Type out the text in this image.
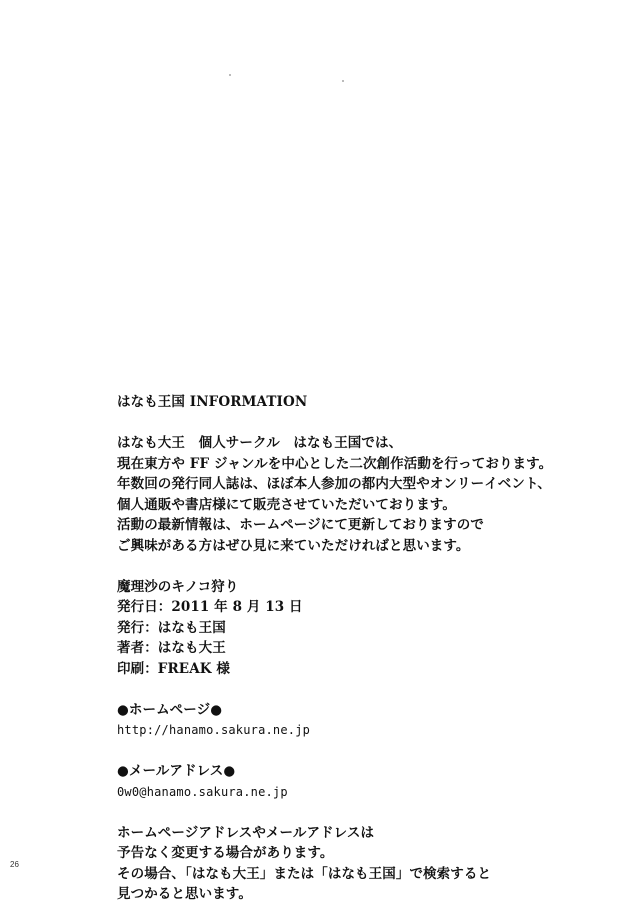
はなも王国 INFORMATION
はなも大王　個人サークル　はなも王国では、
現在東方や FF ジャンルを中心とした二次創作活動を行っております。
年数回の発行同人誌は、ほぼ本人参加の都内大型やオンリーイベント、
個人通販や書店様にて販売させていただいております。
活動の最新情報は、ホームページにて更新しておりますので
ご興味がある方はぜひ見に来ていただければと思います。
魔理沙のキノコ狩り
発行日：2011 年 8 月 13 日
発行：はなも王国
著者：はなも大王
印刷：FREAK 様
●ホームページ●
http://hanamo.sakura.ne.jp
●メールアドレス●
0w0@hanamo.sakura.ne.jp
ホームページアドレスやメールアドレスは
予告なく変更する場合があります。
その場合、「はなも大王」または「はなも王国」で検索すると
見つかると思います。
26
